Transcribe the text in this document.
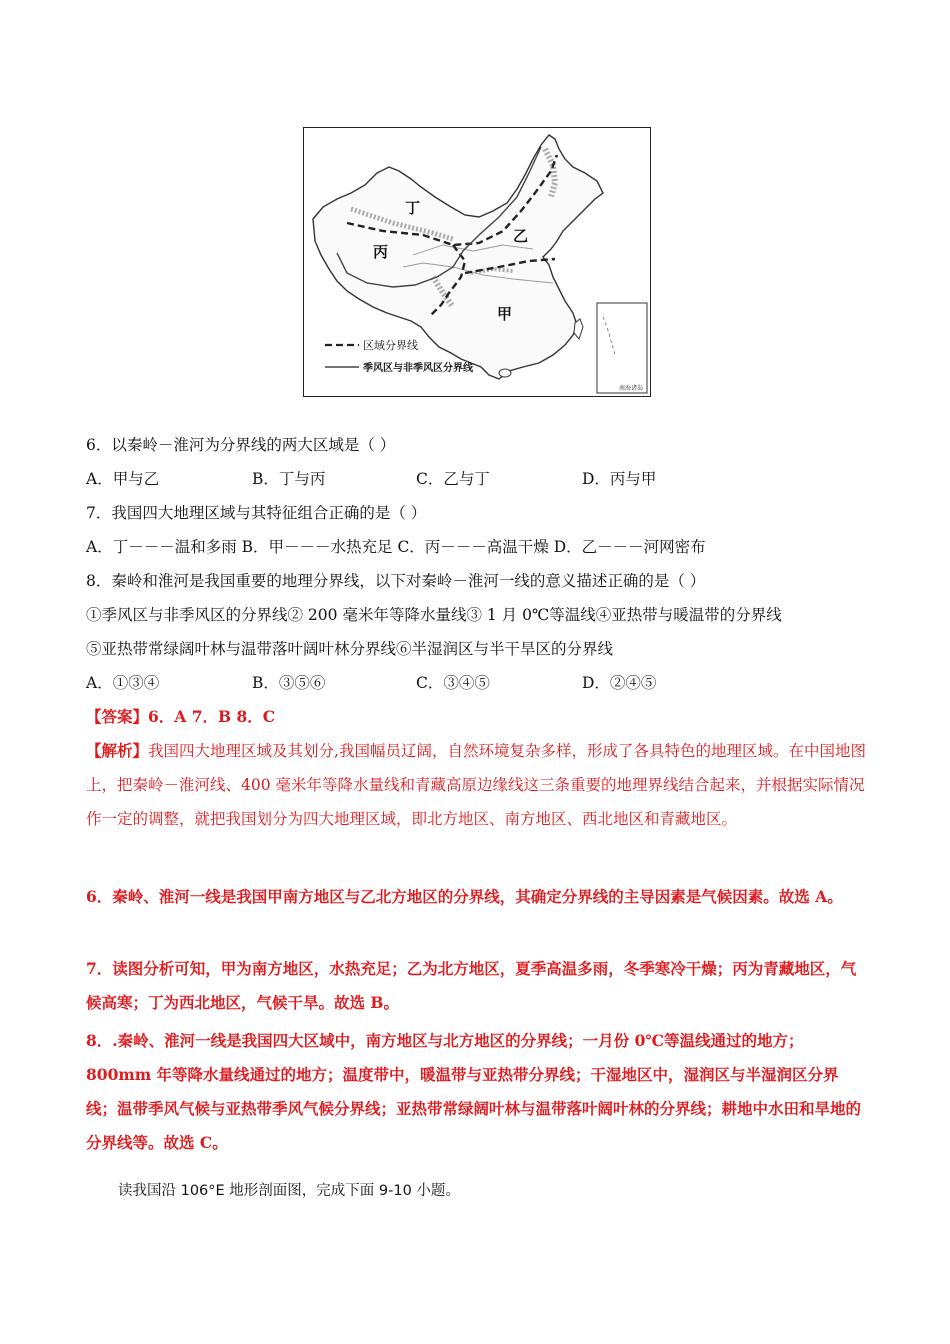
丁
丙
乙
甲
区域分界线
季风区与非季风区分界线
南海诸岛
6．以秦岭－淮河为分界线的两大区域是（ ）
A．甲与乙	B．丁与丙	C．乙与丁	D．丙与甲
7．我国四大地理区域与其特征组合正确的是（ ）
A．丁－－－温和多雨 B．甲－－－水热充足 C．丙－－－高温干燥 D．乙－－－河网密布
8．秦岭和淮河是我国重要的地理分界线，以下对秦岭－淮河一线的意义描述正确的是（ ）
①季风区与非季风区的分界线② 200 毫米年等降水量线③ 1 月 0℃等温线④亚热带与暖温带的分界线
⑤亚热带常绿阔叶林与温带落叶阔叶林分界线⑥半湿润区与半干旱区的分界线
A．①③④	B．③⑤⑥	C．③④⑤	D．②④⑤
【答案】6．A 7．B 8．C
【解析】我国四大地理区域及其划分,我国幅员辽阔，自然环境复杂多样，形成了各具特色的地理区域。在中国地图上，把秦岭－淮河线、400 毫米年等降水量线和青藏高原边缘线这三条重要的地理界线结合起来，并根据实际情况作一定的调整，就把我国划分为四大地理区域，即北方地区、南方地区、西北地区和青藏地区。
6．秦岭、淮河一线是我国甲南方地区与乙北方地区的分界线，其确定分界线的主导因素是气候因素。故选 A。
7．读图分析可知，甲为南方地区，水热充足；乙为北方地区，夏季高温多雨，冬季寒冷干燥；丙为青藏地区，气候高寒；丁为西北地区，气候干旱。故选 B。
8．.秦岭、淮河一线是我国四大区域中，南方地区与北方地区的分界线；一月份 0℃等温线通过的地方；800mm 年等降水量线通过的地方；温度带中，暖温带与亚热带分界线；干湿地区中，湿润区与半湿润区分界线；温带季风气候与亚热带季风气候分界线；亚热带常绿阔叶林与温带落叶阔叶林的分界线；耕地中水田和旱地的分界线等。故选 C。
读我国沿 106°E 地形剖面图，完成下面 9-10 小题。
